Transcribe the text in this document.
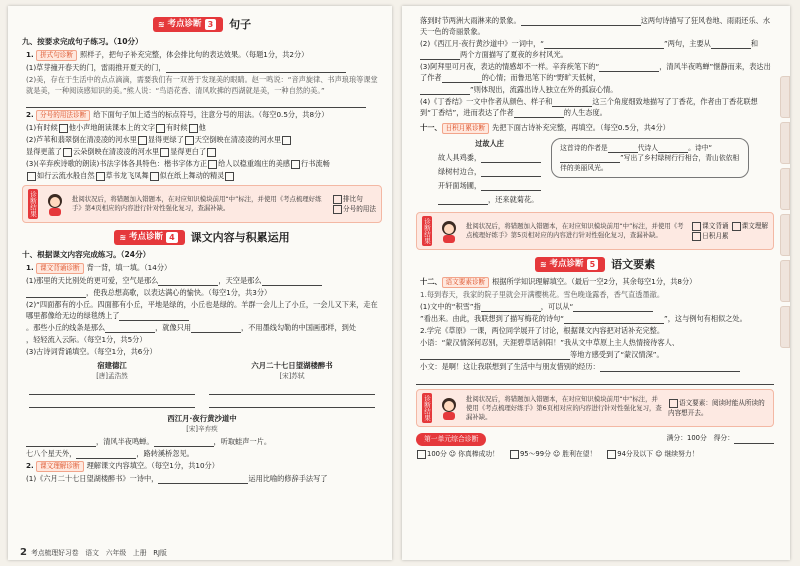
≋ 考点诊断 3 句子
九、按要求完成句子练习。（10分）
1. 拼式句诊断 照样子，把句子补充完整，体会排比句的表达效果。（每题1分，共2分）
(1)草芽撞开春天的门，雷雨推开夏天的门，
(2)美，存在于生活中的点点滴滴，需要我们有一双善于发现美的眼睛。赵一鸣说：“音声旋律、书声琅琅等课堂就是美，一种阅读感知识的美。”熊人说：“鸟语花香、清风吹拂的西湖就是美，一种自然的美。”
2. 分号的用法诊断 给下面句子加上适当的标点符号，注意分号的用法。（每空0.5分，共8分）
(1)有时候 他小声地朗读课本上的文字 有时候 他
(2)芦苇和翡翠倒在清凌凌的河水里 显得更绿了 天空倒映在清凌凌的河水里
显得更蓝了 云朵倒映在清凌凌的河水里 显得更白了
(3)(辛弃疾诗歌的朗读)书法字体各具特色：楷书字体方正 给人以稳重端庄的美感 行书流畅
如行云流水般自然 草书龙飞凤舞 似在纸上舞动的精灵
诊断结果	批阅状况后，将错题加入错题本，在对应知识模块前用“中”标注，并使用《考点梳理好练手》第4页相应的内容进行针对性强化复习，查漏补缺。
排比句
分号的用法
≋ 考点诊断 4 课文内容与积累运用
十、根据课文内容完成练习。（24分）
1. 课文背诵诊断 背一背，填一填。（14分）
(1)那里的天比别处的更可爱，空气是那么	，天空是那么
，使我总想高歌，以表达满心的愉快。（每空1分，共3分）
(2)“四面都有的小丘。四面都有小丘，平地是绿的，小丘也是绿的。羊群一会儿上了小丘，一会儿又下来，走在哪里都像给无边的绿毯绣上了
。那些小丘的线条是那么	，就像只用	，不用墨线勾勒的中国画那样，到处
，轻轻流入云际。（每空1分，共5分）
(3)古诗词背诵填空。（每空1分，共6分）
宿建德江
[唐]孟浩然
六月二十七日望湖楼醉书
[宋]苏轼
西江月·夜行黄沙道中
[宋]辛弃疾
，清风半夜鸣蝉。	，听取蛙声一片。
七八个星天外，	，路转溪桥忽见。
2. 课文理解诊断 理解课文内容填空。（每空1分，共10分）
(1)《六月二十七日望湖楼醉书》一诗中，	运用比喻的修辞手法写了
2 考点梳理好习卷　语文　六年级　上册　RJ版
落到时节两洲大雨淋来的景象。	这两句诗描写了狂风卷地、雨雨还乐、水天一色的奇丽景象。
(2)《西江月·夜行黄沙道中》一词中，“	”两句，主要从	和两个方面描写了夏夜的乡村风光。
(3)阿拜里可月夜，表达的情感却不一样。辛弃疾笔下的“	，清风半夜鸣蝉”惬静而来，表达出了作者	的心情；而鲁迅笔下的“野旷天低树，
”则体现出，流露出诗人独立在外的孤寂心情。
(4)《丁香结》一文中作者从颜色、样子和	这三个角度细致地描写了丁香花，作者由丁香花联想到“丁香结”，进而表达了作者	的人生态度。
十一、 日积月累诊断 先把下面古诗补充完整，再填空。（每空0.5分，共4分）
过故人庄
故人具鸡黍，
绿树村边合，
开轩面场圃，
，还来就菊花。
这首诗的作者是	代诗人	。诗中“”写出了乡村绿树行行相合，青山依依相伴的美丽风光。
诊断结果	批阅状况后，将错题加入错题本，在对应知识模块前用“中”标注，并使用《考点梳理好练手》第5页相对应的内容进行针对性强化复习，查漏补缺。
课文背诵 课文理解
日积月累
≋ 考点诊断 5 语文要素
十二、 语文要素诊断 根据所学知识理解填空。（最后一空2分，其余每空1分，共8分）
1.每到春天，我家的院子里就会开满樱桃花。雪色晚逢露香，香气直透墨澈。
(1)文中的“积雪”指	，可以从“
”看出来。由此，我联想到了描写梅花的诗句“	”，这与例句有相似之处。
2.学完《草原》一课，两位同学展开了讨论，根据课文内容把对话补充完整。
小语：“蒙汉情深何忍别，天涯碧草话斜阳！”我从文中草原上主人热情接待客人、
等地方感受到了“蒙汉情深”。
小文：是啊！这让我联想到了生活中与朋友惜别的经历：
诊断结果	批阅状况后，将错题加入错题本，在对应知识模块前用“中”标注，并使用《考点梳理好练手》第6页相对应的内容进行针对性强化复习，查漏补缺。
语文要素：阅读时能从所读的内容想开去。
第一单元综合诊断	满分：100分　得分：
100分 ☺ 你真棒成功！	95～99分 ☺ 胜利在望！	94分及以下 ☺ 继续努力！
